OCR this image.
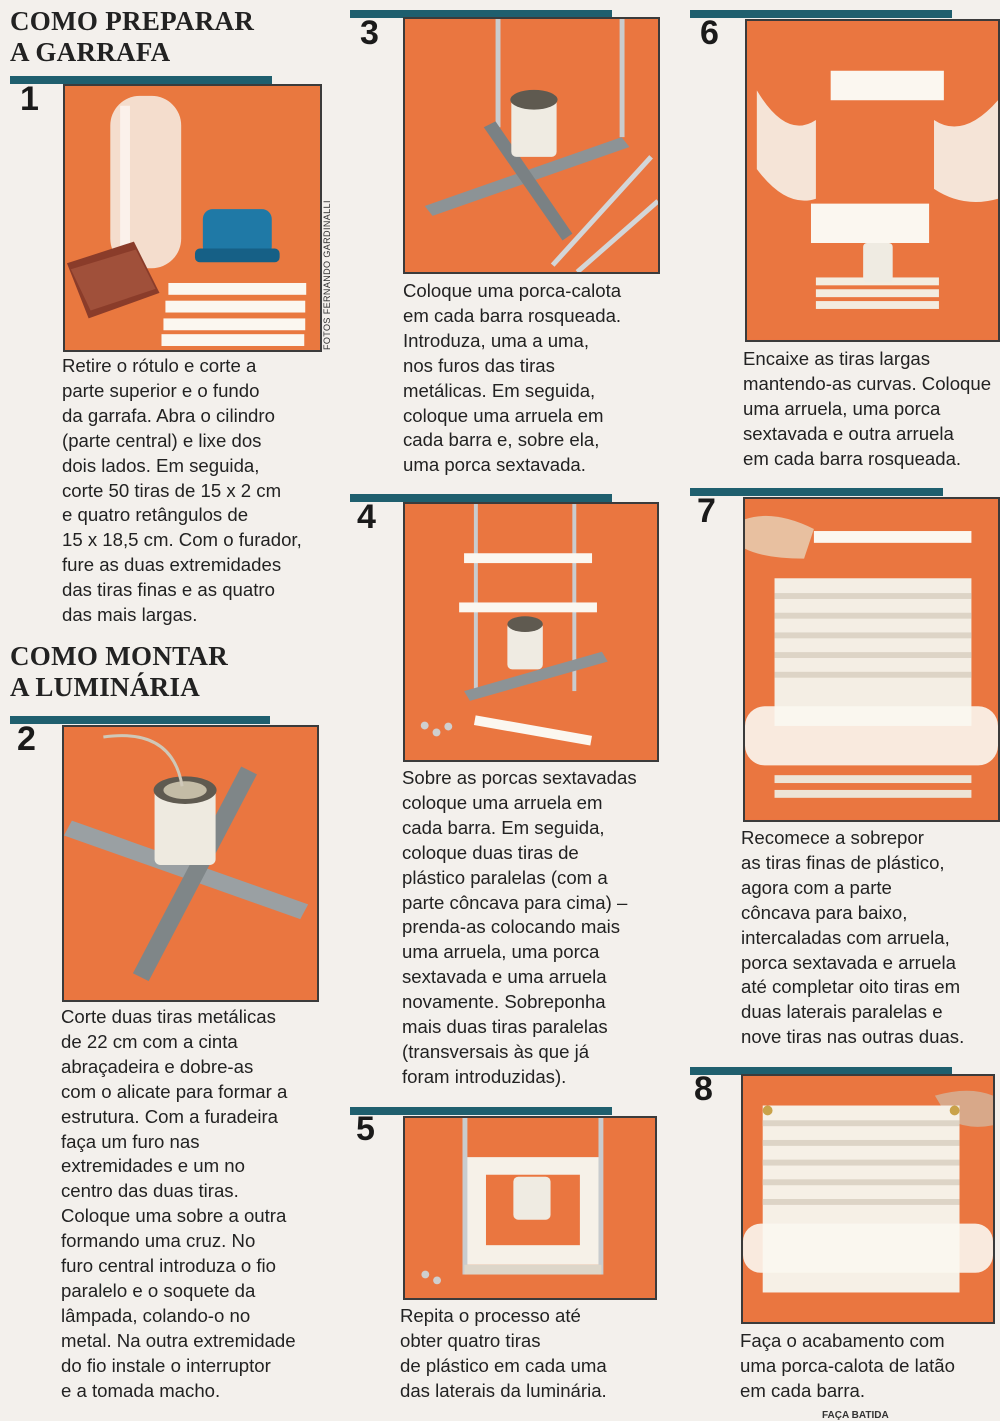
COMO PREPARAR
A GARRAFA
COMO MONTAR
A LUMINÁRIA
1
FOTOS FERNANDO GARDINALLI

Retire o rótulo e corte a
parte superior e o fundo
da garrafa. Abra o cilindro
(parte central) e lixe dos
dois lados. Em seguida,
corte 50 tiras de 15 x 2 cm
e quatro retângulos de
15 x 18,5 cm. Com o furador,
fure as duas extremidades
das tiras finas e as quatro
das mais largas.

2

Corte duas tiras metálicas
de 22 cm com a cinta
abraçadeira e dobre-as
com o alicate para formar a
estrutura. Com a furadeira
faça um furo nas
extremidades e um no
centro das duas tiras.
Coloque uma sobre a outra
formando uma cruz. No
furo central introduza o fio
paralelo e o soquete da
lâmpada, colando-o no
metal. Na outra extremidade
do fio instale o interruptor
e a tomada macho.

3

Coloque uma porca-calota
em cada barra rosqueada.
Introduza, uma a uma,
nos furos das tiras
metálicas. Em seguida,
coloque uma arruela em
cada barra e, sobre ela,
uma porca sextavada.

4

Sobre as porcas sextavadas
coloque uma arruela em
cada barra. Em seguida,
coloque duas tiras de
plástico paralelas (com a
parte côncava para cima) –
prenda-as colocando mais
uma arruela, uma porca
sextavada e uma arruela
novamente. Sobreponha
mais duas tiras paralelas
(transversais às que já
foram introduzidas).

5

Repita o processo até
obter quatro tiras
de plástico em cada uma
das laterais da luminária.

6

Encaixe as tiras largas
mantendo-as curvas. Coloque
uma arruela, uma porca
sextavada e outra arruela
em cada barra rosqueada.

7

Recomece a sobrepor
as tiras finas de plástico,
agora com a parte
côncava para baixo,
intercaladas com arruela,
porca sextavada e arruela
até completar oito tiras em
duas laterais paralelas e
nove tiras nas outras duas.

8

Faça o acabamento com
uma porca-calota de latão
em cada barra.

FAÇA BATIDA
